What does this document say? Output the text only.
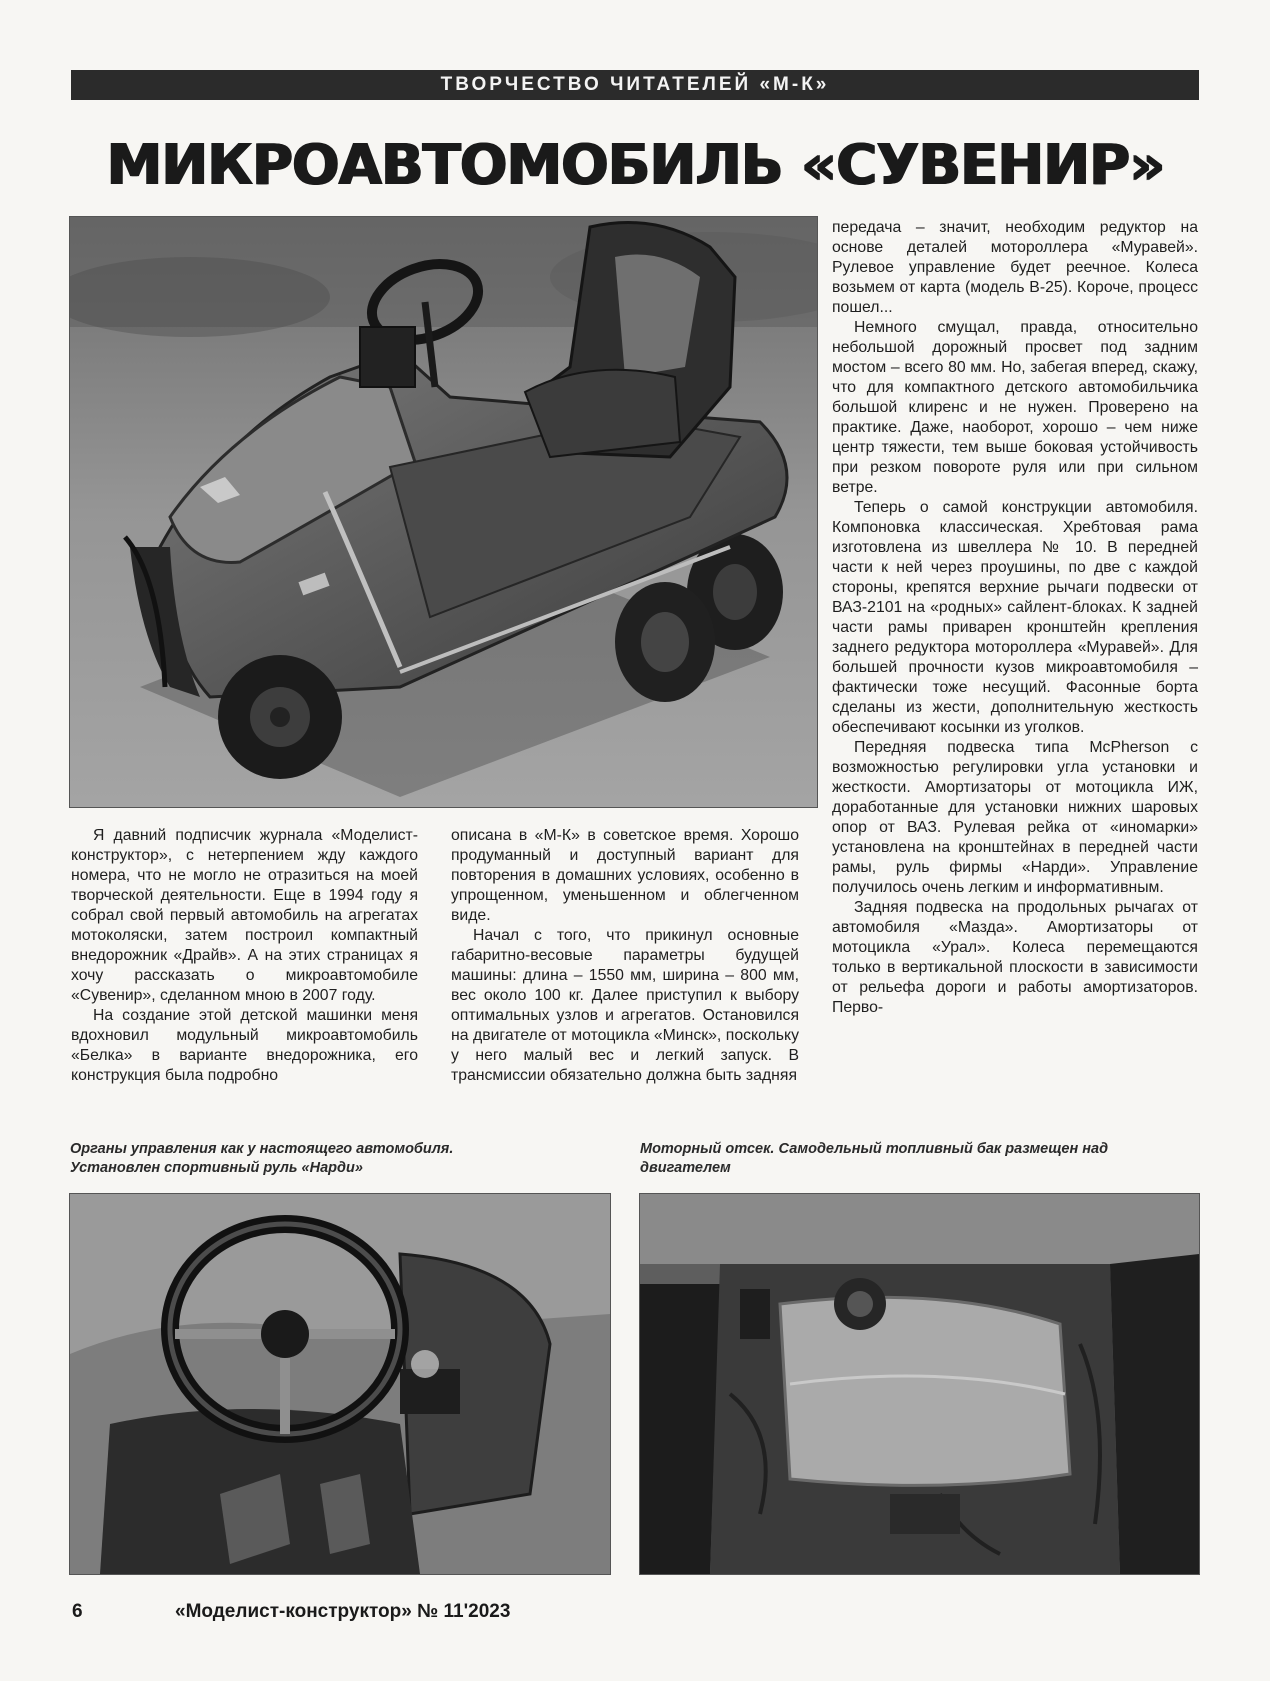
ТВОРЧЕСТВО ЧИТАТЕЛЕЙ «М-К»
МИКРОАВТОМОБИЛЬ «СУВЕНИР»

передача – значит, необходим редуктор на основе деталей мотороллера «Муравей». Рулевое управление будет реечное. Колеса возьмем от карта (модель В-25). Короче, процесс пошел...

Немного смущал, правда, относительно небольшой дорожный просвет под задним мостом – всего 80 мм. Но, забегая вперед, скажу, что для компактного детского автомобильчика большой клиренс и не нужен. Проверено на практике. Даже, наоборот, хорошо – чем ниже центр тяжести, тем выше боковая устойчивость при резком повороте руля или при сильном ветре.

Теперь о самой конструкции автомобиля. Компоновка классическая. Хребтовая рама изготовлена из швеллера № 10. В передней части к ней через проушины, по две с каждой стороны, крепятся верхние рычаги подвески от ВАЗ-2101 на «родных» сайлент-блоках. К задней части рамы приварен кронштейн крепления заднего редуктора мотороллера «Муравей». Для большей прочности кузов микроавтомобиля – фактически тоже несущий. Фасонные борта сделаны из жести, дополнительную жесткость обеспечивают косынки из уголков.

Передняя подвеска типа McPherson с возможностью регулировки угла установки и жесткости. Амортизаторы от мотоцикла ИЖ, доработанные для установки нижних шаровых опор от ВАЗ. Рулевая рейка от «иномарки» установлена на кронштейнах в передней части рамы, руль фирмы «Нарди». Управление получилось очень легким и информативным.

Задняя подвеска на продольных рычагах от автомобиля «Мазда». Амортизаторы от мотоцикла «Урал». Колеса перемещаются только в вертикальной плоскости в зависимости от рельефа дороги и работы амортизаторов. Перво-

Я давний подписчик журнала «Моделист-конструктор», с нетерпением жду каждого номера, что не могло не отразиться на моей творческой деятельности. Еще в 1994 году я собрал свой первый автомобиль на агрегатах мотоколяски, затем построил компактный внедорожник «Драйв». А на этих страницах я хочу рассказать о микроавтомобиле «Сувенир», сделанном мною в 2007 году.

На создание этой детской машинки меня вдохновил модульный микроавтомобиль «Белка» в варианте внедорожника, его конструкция была подробно

описана в «М-К» в советское время. Хорошо продуманный и доступный вариант для повторения в домашних условиях, особенно в упрощенном, уменьшенном и облегченном виде.

Начал с того, что прикинул основные габаритно-весовые параметры будущей машины: длина – 1550 мм, ширина – 800 мм, вес около 100 кг. Далее приступил к выбору оптимальных узлов и агрегатов. Остановился на двигателе от мотоцикла «Минск», поскольку у него малый вес и легкий запуск. В трансмиссии обязательно должна быть задняя

Органы управления как у настоящего автомобиля. Установлен спортивный руль «Нарди»
Моторный отсек. Самодельный топливный бак размещен над двигателем
6	«Моделист-конструктор» № 11'2023
